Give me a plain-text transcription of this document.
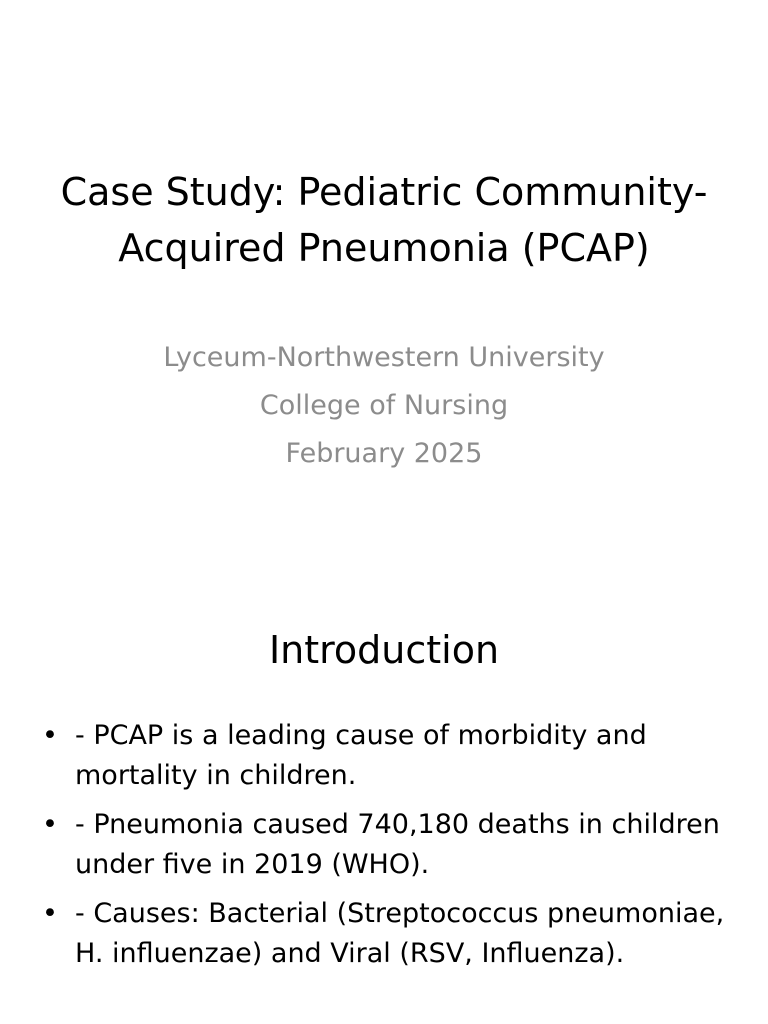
Case Study: Pediatric Community-Acquired Pneumonia (PCAP)
Lyceum-Northwestern University
College of Nursing
February 2025
Introduction
• - PCAP is a leading cause of morbidity and mortality in children.
• - Pneumonia caused 740,180 deaths in children under five in 2019 (WHO).
• - Causes: Bacterial (Streptococcus pneumoniae, H. influenzae) and Viral (RSV, Influenza).
